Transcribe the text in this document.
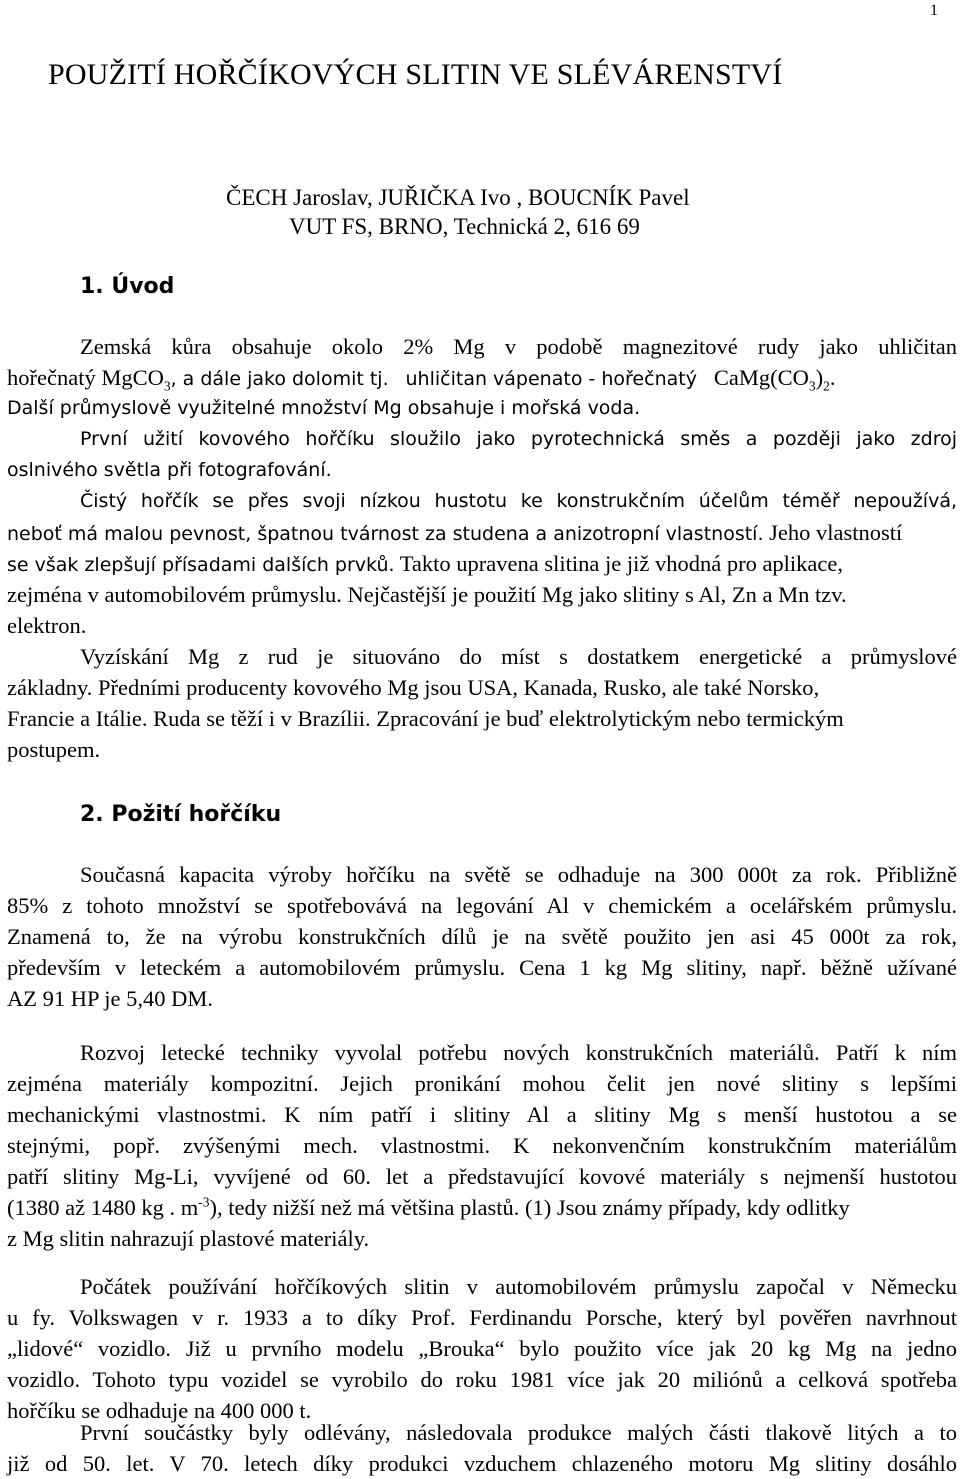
1
POUŽITÍ HOŘČÍKOVÝCH SLITIN VE SLÉVÁRENSTVÍ
ČECH Jaroslav, JUŘIČKA Ivo , BOUCNÍK Pavel
VUT FS, BRNO, Technická 2, 616 69
1. Úvod
Zemská kůra obsahuje okolo 2% Mg v podobě magnezitové rudy jako uhličitan
hořečnatý MgCO$_3$, a dále jako dolomit tj. uhličitan vápenato - hořečnatý $CaMg(CO_3)_2$.
Další průmyslově využitelné množství Mg obsahuje i mořská voda.
První užití kovového hořčíku sloužilo jako pyrotechnická směs a později jako zdroj
oslnivého světla při fotografování.
Čistý hořčík se přes svoji nízkou hustotu ke konstrukčním účelům téměř nepoužívá,
neboť má malou pevnost, špatnou tvárnost za studena a anizotropní vlastností. Jeho vlastností
se však zlepšují přísadami dalších prvků. Takto upravena slitina je již vhodná pro aplikace,
zejména v automobilovém průmyslu. Nejčastější je použití Mg jako slitiny s Al, Zn a Mn tzv.
elektron.
Vyzískání Mg z rud je situováno do míst s dostatkem energetické a průmyslové
základny. Předními producenty kovového Mg jsou USA, Kanada, Rusko, ale také Norsko,
Francie a Itálie. Ruda se těží i v Brazílii. Zpracování je buď elektrolytickým nebo termickým
postupem.
2. Požití hořčíku
Současná kapacita výroby hořčíku na světě se odhaduje na 300 000t za rok. Přibližně
85% z tohoto množství se spotřebovává na legování Al v chemickém a ocelářském průmyslu.
Znamená to, že na výrobu konstrukčních dílů je na světě použito jen asi 45 000t za rok,
především v leteckém a automobilovém průmyslu. Cena 1 kg Mg slitiny, např. běžně užívané
AZ 91 HP je 5,40 DM.
Rozvoj letecké techniky vyvolal potřebu nových konstrukčních materiálů. Patří k ním
zejména materiály kompozitní. Jejich pronikání mohou čelit jen nové slitiny s lepšími
mechanickými vlastnostmi. K ním patří i slitiny Al a slitiny Mg s menší hustotou a se
stejnými, popř. zvýšenými mech. vlastnostmi. K nekonvenčním konstrukčním materiálům
patří slitiny Mg-Li, vyvíjené od 60. let a představující kovové materiály s nejmenší hustotou
(1380 až 1480 kg . $m^{-3}$), tedy nižší než má většina plastů. (1) Jsou známy případy, kdy odlitky
z Mg slitin nahrazují plastové materiály.
Počátek používání hořčíkových slitin v automobilovém průmyslu započal v Německu
u fy. Volkswagen v r. 1933 a to díky Prof. Ferdinandu Porsche, který byl pověřen navrhnout
„lidové“ vozidlo. Již u prvního modelu „Brouka“ bylo použito více jak 20 kg Mg na jedno
vozidlo. Tohoto typu vozidel se vyrobilo do roku 1981 více jak 20 miliónů a celková spotřeba
hořčíku se odhaduje na 400 000 t.
První součástky byly odlévány, následovala produkce malých části tlakově litých a to
již od 50. let. V 70. letech díky produkci vzduchem chlazeného motoru Mg slitiny dosáhlo
